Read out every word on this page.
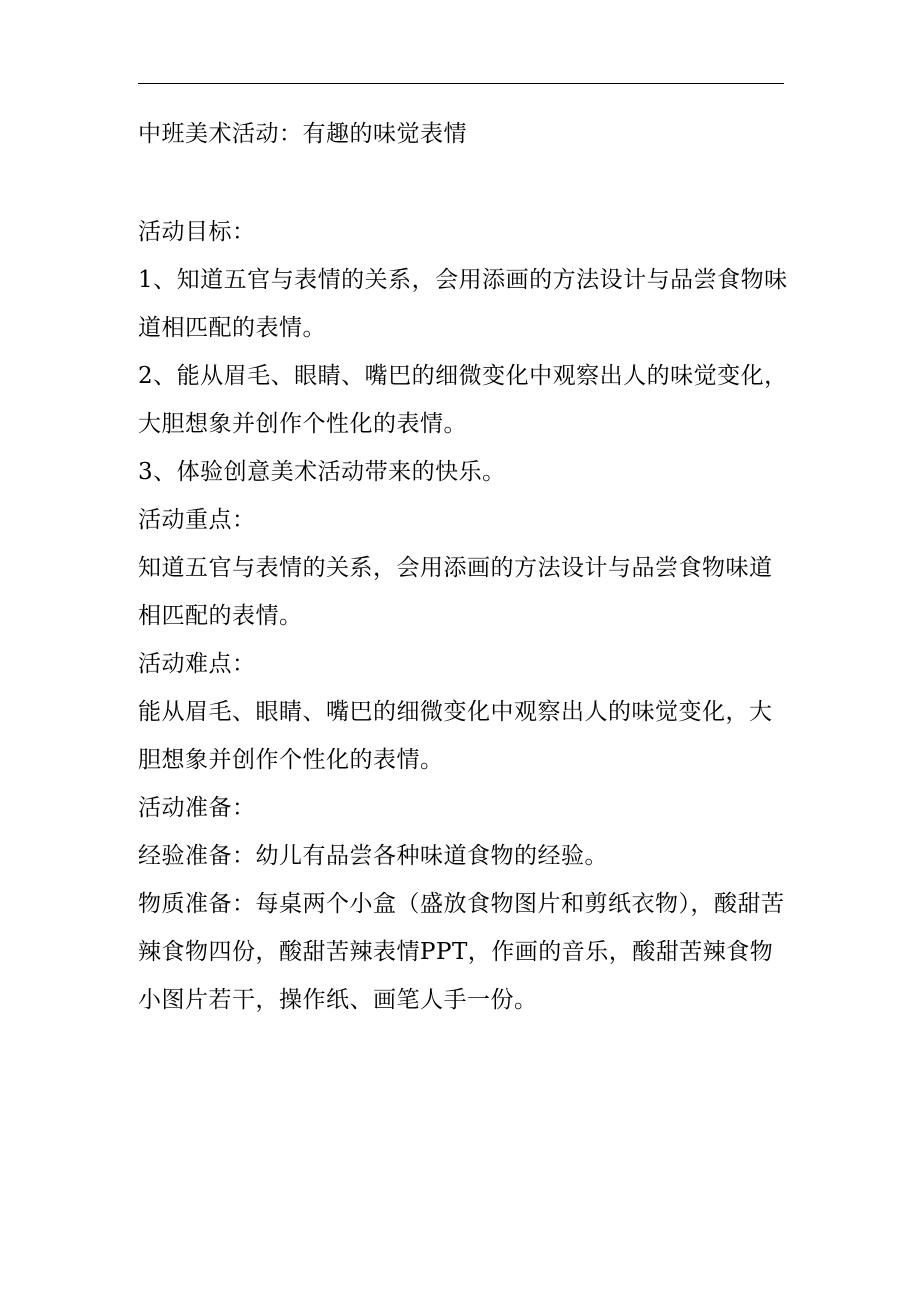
中班美术活动：有趣的味觉表情

活动目标：

1、知道五官与表情的关系，会用添画的方法设计与品尝食物味道相匹配的表情。

2、能从眉毛、眼睛、嘴巴的细微变化中观察出人的味觉变化，大胆想象并创作个性化的表情。

3、体验创意美术活动带来的快乐。

活动重点：

知道五官与表情的关系，会用添画的方法设计与品尝食物味道相匹配的表情。

活动难点：

能从眉毛、眼睛、嘴巴的细微变化中观察出人的味觉变化，大胆想象并创作个性化的表情。

活动准备：

经验准备：幼儿有品尝各种味道食物的经验。

物质准备：每桌两个小盒（盛放食物图片和剪纸衣物），酸甜苦辣食物四份，酸甜苦辣表情PPT，作画的音乐，酸甜苦辣食物小图片若干，操作纸、画笔人手一份。
